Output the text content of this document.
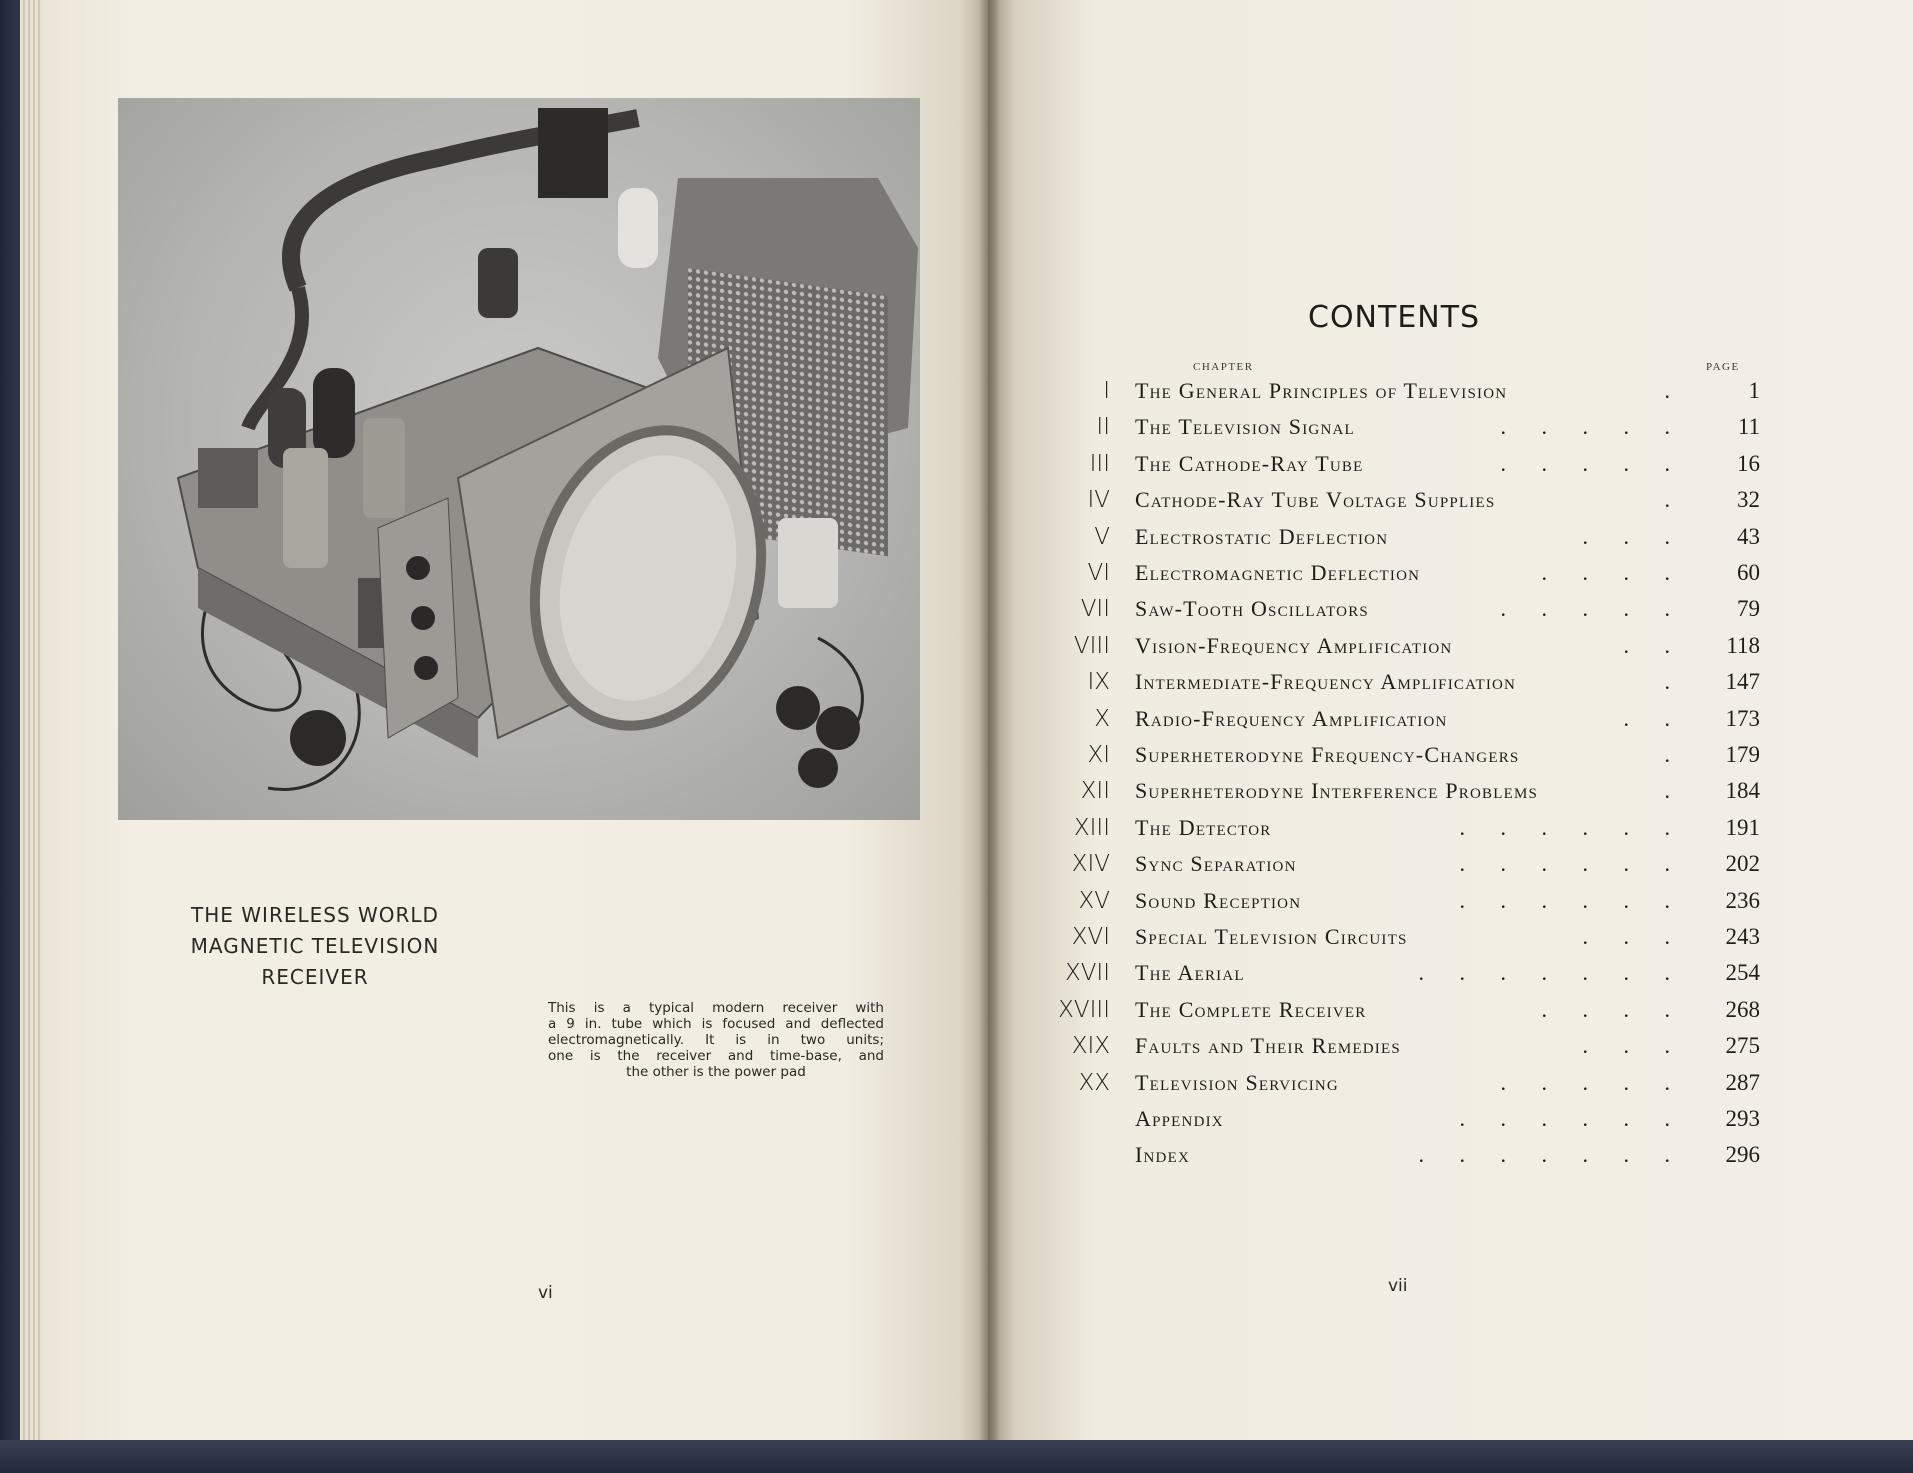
THE WIRELESS WORLD
MAGNETIC TELEVISION
RECEIVER
This is a typical modern receiver with
a 9 in. tube which is focused and deflected
electromagnetically. It is in two units;
one is the receiver and time-base, and
the other is the power pad
vi
CONTENTS
CHAPTER	PAGE
I The General Principles of Television	.	1
II The Television Signal	. . . . .	11
III The Cathode-Ray Tube	. . . . .	16
IV Cathode-Ray Tube Voltage Supplies	.	32
V Electrostatic Deflection	. . .	43
VI Electromagnetic Deflection	. . . .	60
VII Saw-Tooth Oscillators	. . . . .	79
VIII Vision-Frequency Amplification	. .	118
IX Intermediate-Frequency Amplification	.	147
X Radio-Frequency Amplification	. .	173
XI Superheterodyne Frequency-Changers	.	179
XII Superheterodyne Interference Problems	.	184
XIII The Detector	. . . . . .	191
XIV Sync Separation	. . . . . .	202
XV Sound Reception	. . . . . .	236
XVI Special Television Circuits	. . .	243
XVII The Aerial	. . . . . . .	254
XVIII The Complete Receiver	. . . .	268
XIX Faults and Their Remedies	. . .	275
XX Television Servicing	. . . . .	287
Appendix	. . . . . .	293
Index	. . . . . . .	296
vii
